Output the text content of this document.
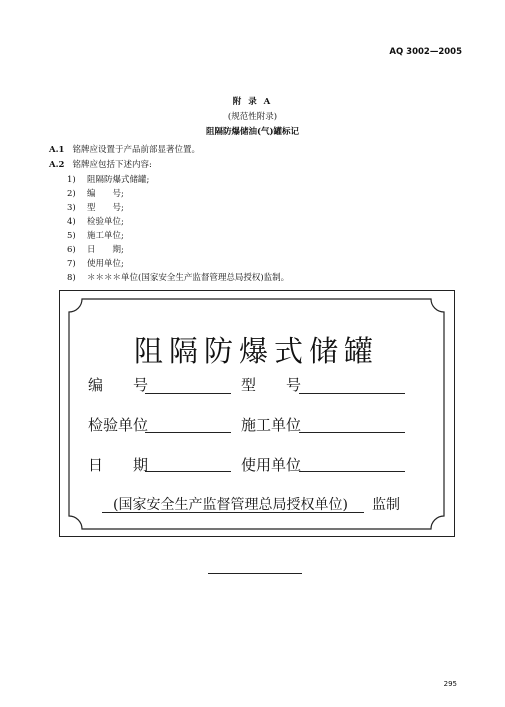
AQ 3002—2005
附 录 A
(规范性附录)
阻隔防爆储油(气)罐标记
A.1 铭牌应设置于产品前部显著位置。
A.2 铭牌应包括下述内容:
1) 阻隔防爆式储罐;
2) 编　　号;
3) 型　　号;
4) 检验单位;
5) 施工单位;
6) 日　　期;
7) 使用单位;
8) ＊＊＊＊单位(国家安全生产监督管理总局授权)监制。
阻隔防爆式储罐
编　　号	型　　号
检验单位	施工单位
日　　期	使用单位
(国家安全生产监督管理总局授权单位) 监制
295
